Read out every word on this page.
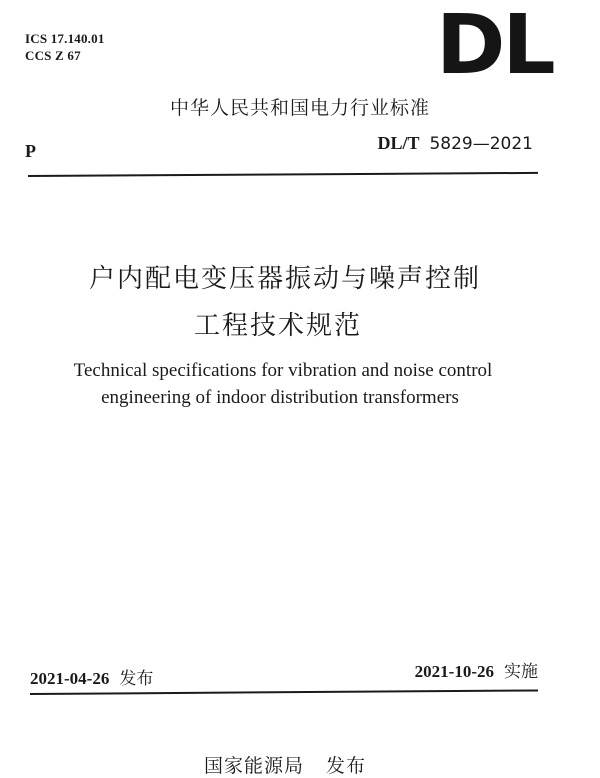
ICS 17.140.01
CCS Z 67	DL
中华人民共和国电力行业标准
P	DL/T 5829—2021
户内配电变压器振动与噪声控制
工程技术规范
Technical specifications for vibration and noise control
engineering of indoor distribution transformers
2021-04-26 发布	2021-10-26 实施
国家能源局 发布
